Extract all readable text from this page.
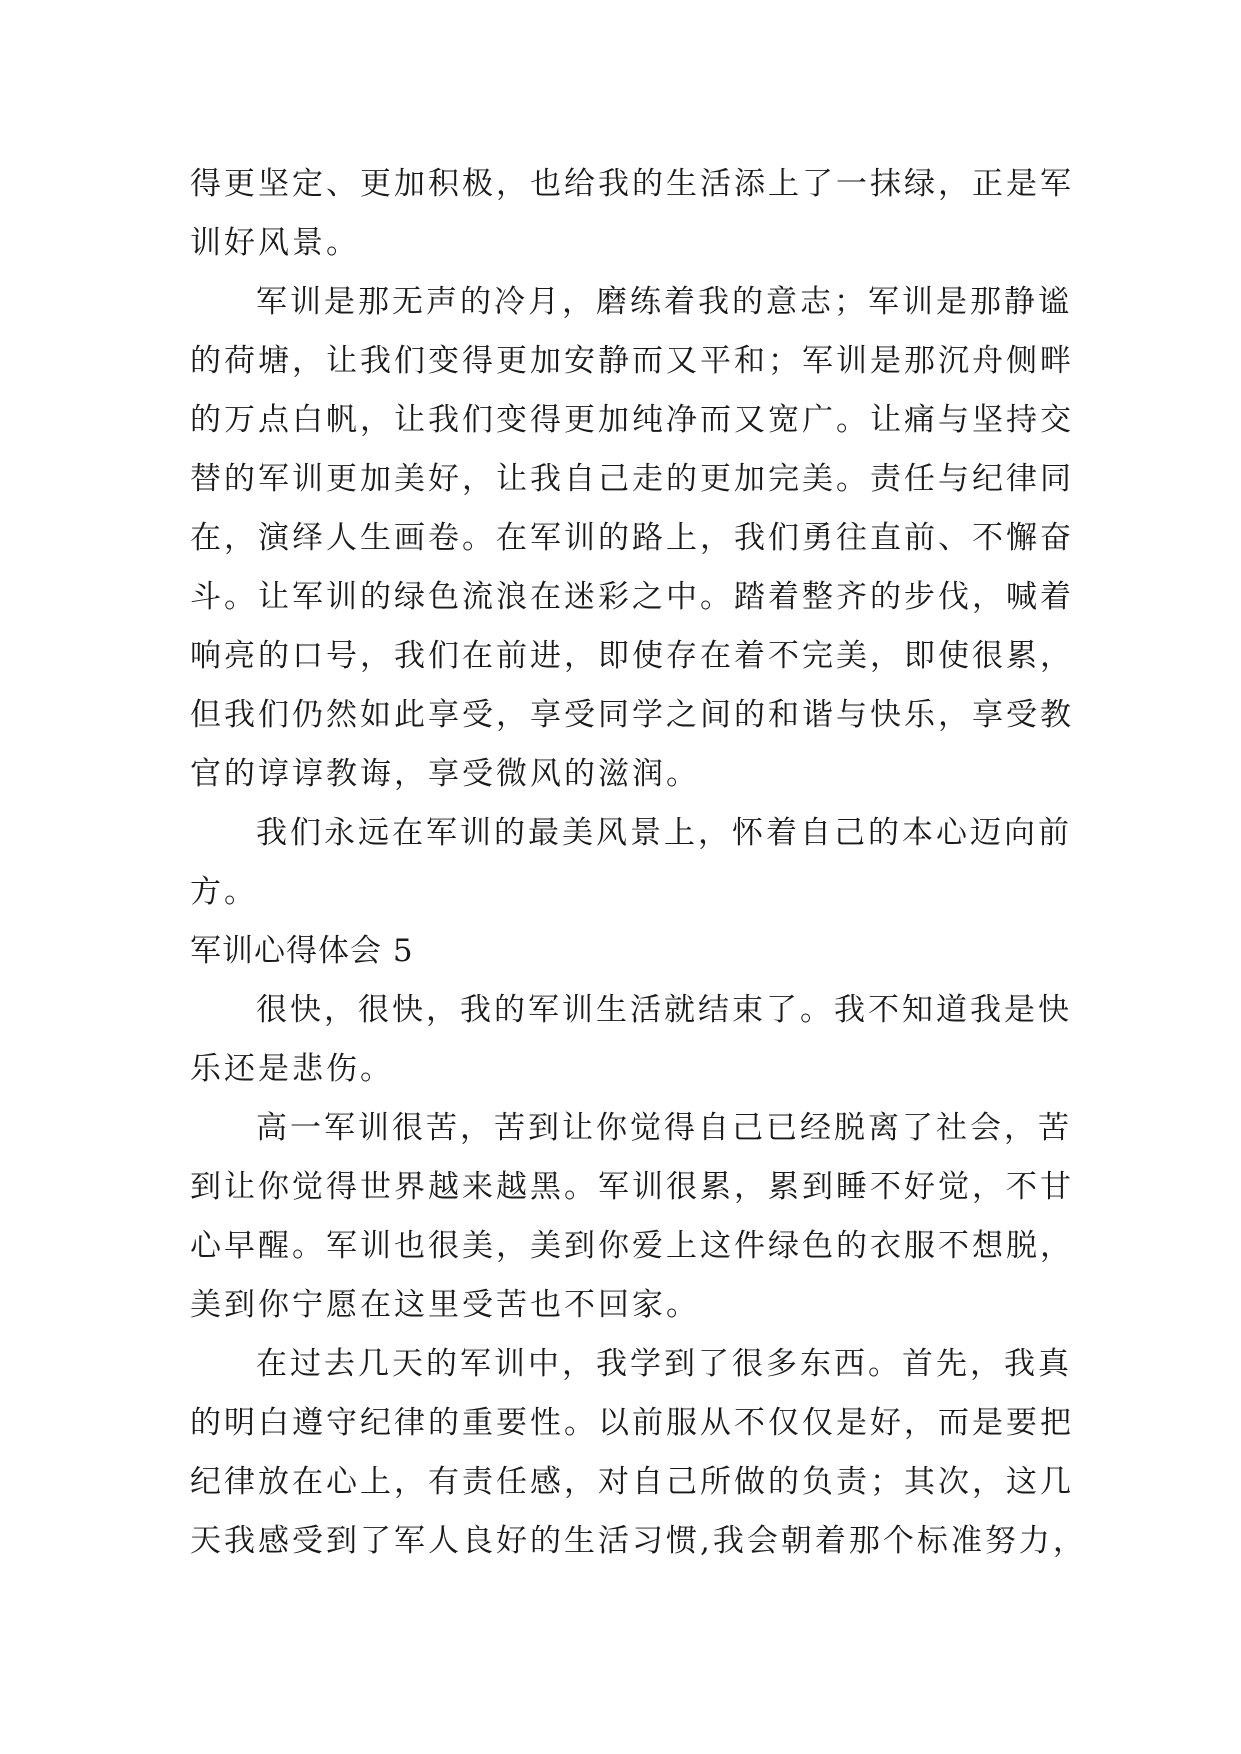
得更坚定、更加积极，也给我的生活添上了一抹绿，正是军
训好风景。
军训是那无声的冷月，磨练着我的意志；军训是那静谧
的荷塘，让我们变得更加安静而又平和；军训是那沉舟侧畔
的万点白帆，让我们变得更加纯净而又宽广。让痛与坚持交
替的军训更加美好，让我自己走的更加完美。责任与纪律同
在，演绎人生画卷。在军训的路上，我们勇往直前、不懈奋
斗。让军训的绿色流浪在迷彩之中。踏着整齐的步伐，喊着
响亮的口号，我们在前进，即使存在着不完美，即使很累，
但我们仍然如此享受，享受同学之间的和谐与快乐，享受教
官的谆谆教诲，享受微风的滋润。
我们永远在军训的最美风景上，怀着自己的本心迈向前
方。
军训心得体会 5
很快，很快，我的军训生活就结束了。我不知道我是快
乐还是悲伤。
高一军训很苦，苦到让你觉得自己已经脱离了社会，苦
到让你觉得世界越来越黑。军训很累，累到睡不好觉，不甘
心早醒。军训也很美，美到你爱上这件绿色的衣服不想脱，
美到你宁愿在这里受苦也不回家。
在过去几天的军训中，我学到了很多东西。首先，我真
的明白遵守纪律的重要性。以前服从不仅仅是好，而是要把
纪律放在心上，有责任感，对自己所做的负责；其次，这几
天我感受到了军人良好的生活习惯,我会朝着那个标准努力，
